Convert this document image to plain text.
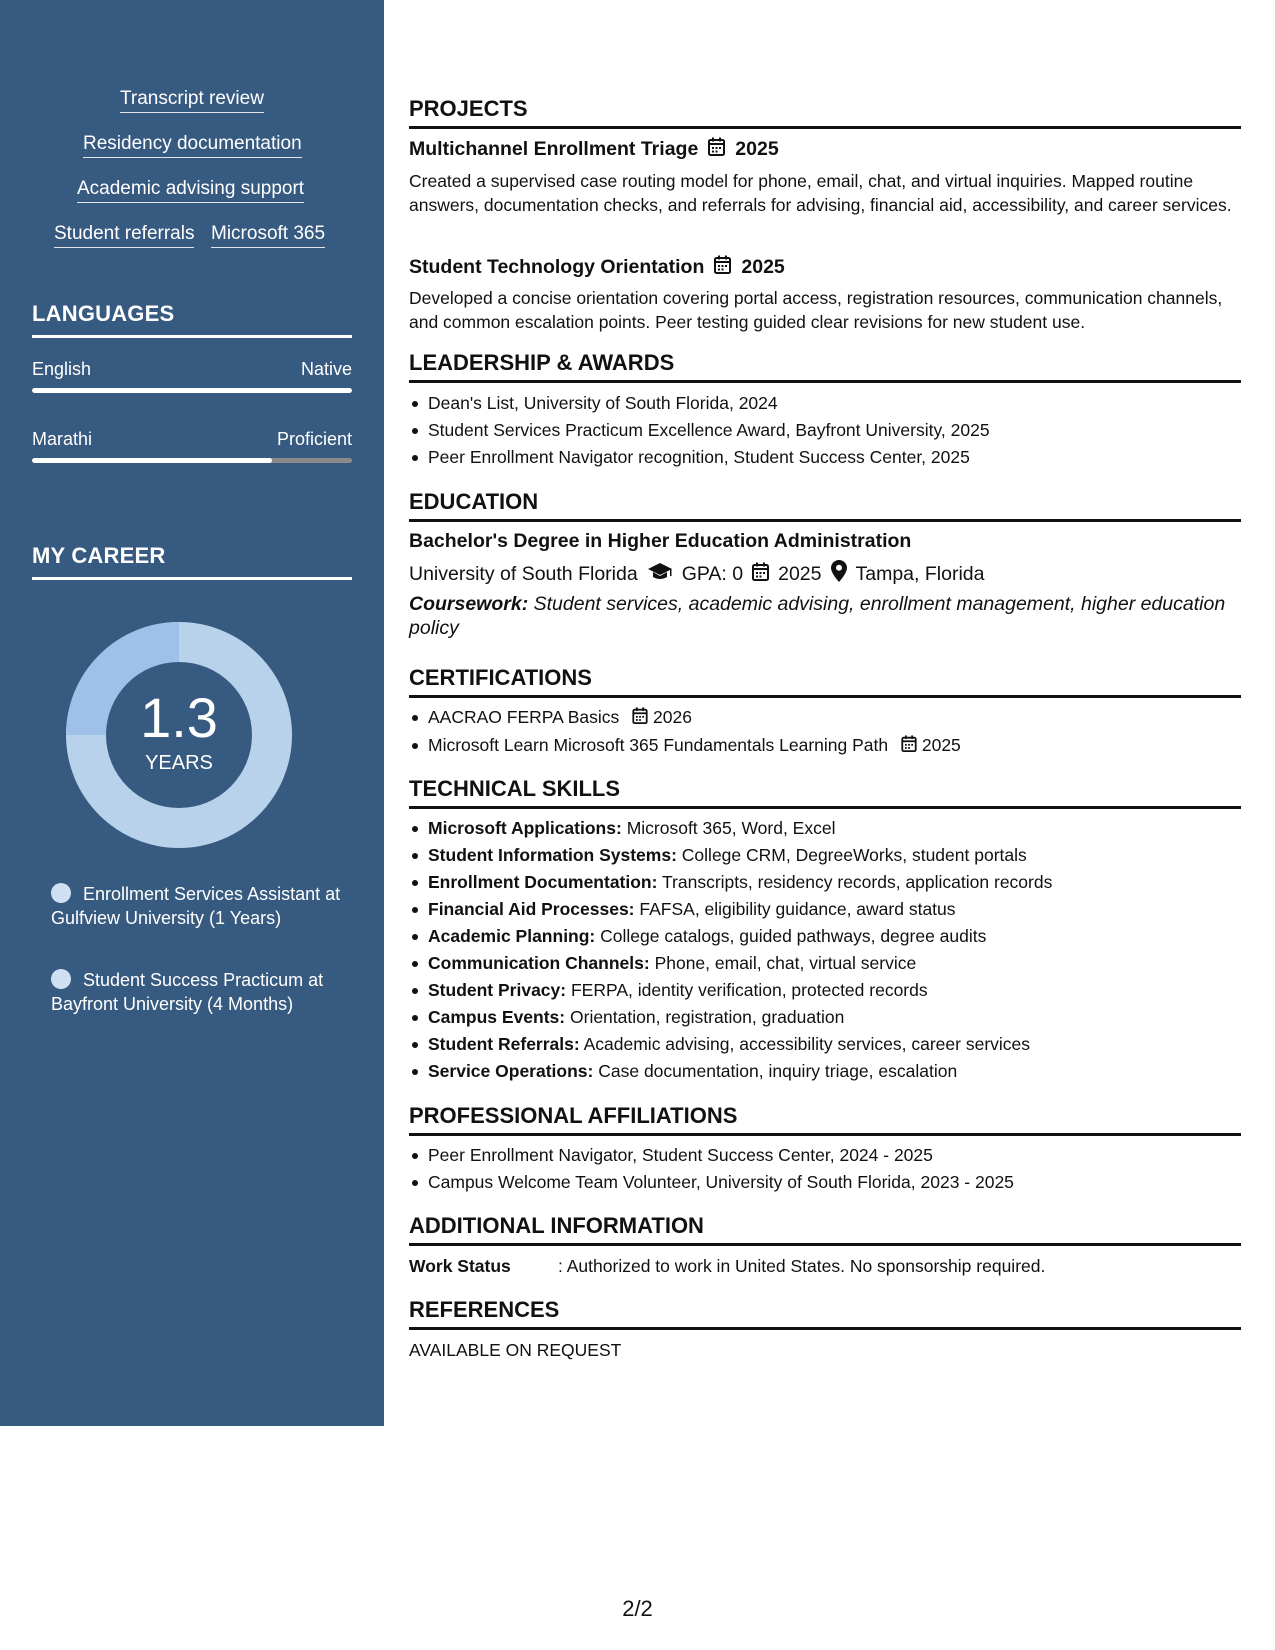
Transcript review
Residency documentation
Academic advising support
Student referrals Microsoft 365
LANGUAGES
English	Native
Marathi	Proficient
MY CAREER
1.3
YEARS
Enrollment Services Assistant at Gulfview University (1 Years)
Student Success Practicum at Bayfront University (4 Months)
PROJECTS
Multichannel Enrollment Triage 2025
Created a supervised case routing model for phone, email, chat, and virtual inquiries. Mapped routine answers, documentation checks, and referrals for advising, financial aid, accessibility, and career services.
Student Technology Orientation 2025
Developed a concise orientation covering portal access, registration resources, communication channels, and common escalation points. Peer testing guided clear revisions for new student use.
LEADERSHIP & AWARDS
Dean's List, University of South Florida, 2024
Student Services Practicum Excellence Award, Bayfront University, 2025
Peer Enrollment Navigator recognition, Student Success Center, 2025
EDUCATION
Bachelor's Degree in Higher Education Administration
University of South Florida GPA: 0 2025 Tampa, Florida
Coursework: Student services, academic advising, enrollment management, higher education policy
CERTIFICATIONS
AACRAO FERPA Basics 2026
Microsoft Learn Microsoft 365 Fundamentals Learning Path 2025
TECHNICAL SKILLS
Microsoft Applications: Microsoft 365, Word, Excel
Student Information Systems: College CRM, DegreeWorks, student portals
Enrollment Documentation: Transcripts, residency records, application records
Financial Aid Processes: FAFSA, eligibility guidance, award status
Academic Planning: College catalogs, guided pathways, degree audits
Communication Channels: Phone, email, chat, virtual service
Student Privacy: FERPA, identity verification, protected records
Campus Events: Orientation, registration, graduation
Student Referrals: Academic advising, accessibility services, career services
Service Operations: Case documentation, inquiry triage, escalation
PROFESSIONAL AFFILIATIONS
Peer Enrollment Navigator, Student Success Center, 2024 - 2025
Campus Welcome Team Volunteer, University of South Florida, 2023 - 2025
ADDITIONAL INFORMATION
Work Status	: Authorized to work in United States. No sponsorship required.
REFERENCES
AVAILABLE ON REQUEST
2/2
